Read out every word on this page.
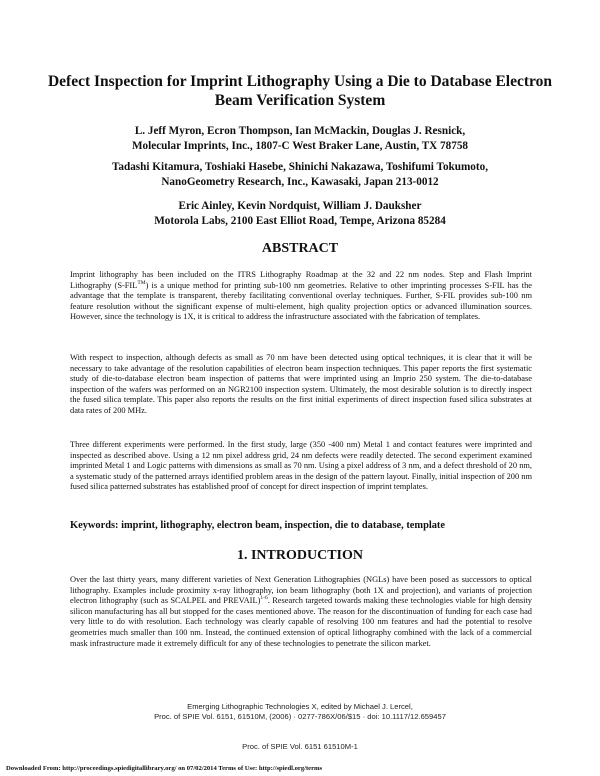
Defect Inspection for Imprint Lithography Using a Die to Database Electron Beam Verification System
L. Jeff Myron, Ecron Thompson, Ian McMackin, Douglas J. Resnick,
Molecular Imprints, Inc., 1807-C West Braker Lane, Austin, TX 78758
Tadashi Kitamura, Toshiaki Hasebe, Shinichi Nakazawa, Toshifumi Tokumoto,
NanoGeometry Research, Inc., Kawasaki, Japan 213-0012
Eric Ainley, Kevin Nordquist, William J. Dauksher
Motorola Labs, 2100 East Elliot Road, Tempe, Arizona 85284
ABSTRACT
Imprint lithography has been included on the ITRS Lithography Roadmap at the 32 and 22 nm nodes. Step and Flash Imprint Lithography (S-FIL™) is a unique method for printing sub-100 nm geometries. Relative to other imprinting processes S-FIL has the advantage that the template is transparent, thereby facilitating conventional overlay techniques. Further, S-FIL provides sub-100 nm feature resolution without the significant expense of multi-element, high quality projection optics or advanced illumination sources. However, since the technology is 1X, it is critical to address the infrastructure associated with the fabrication of templates.
With respect to inspection, although defects as small as 70 nm have been detected using optical techniques, it is clear that it will be necessary to take advantage of the resolution capabilities of electron beam inspection techniques. This paper reports the first systematic study of die-to-database electron beam inspection of patterns that were imprinted using an Imprio 250 system. The die-to-database inspection of the wafers was performed on an NGR2100 inspection system. Ultimately, the most desirable solution is to directly inspect the fused silica template. This paper also reports the results on the first initial experiments of direct inspection fused silica substrates at data rates of 200 MHz.
Three different experiments were performed. In the first study, large (350 -400 nm) Metal 1 and contact features were imprinted and inspected as described above. Using a 12 nm pixel address grid, 24 nm defects were readily detected. The second experiment examined imprinted Metal 1 and Logic patterns with dimensions as small as 70 nm. Using a pixel address of 3 nm, and a defect threshold of 20 nm, a systematic study of the patterned arrays identified problem areas in the design of the pattern layout. Finally, initial inspection of 200 nm fused silica patterned substrates has established proof of concept for direct inspection of imprint templates.
Keywords: imprint, lithography, electron beam, inspection, die to database, template
1. INTRODUCTION
Over the last thirty years, many different varieties of Next Generation Lithographies (NGLs) have been posed as successors to optical lithography. Examples include proximity x-ray lithography, ion beam lithography (both 1X and projection), and variants of projection electron lithography (such as SCALPEL and PREVAIL)$^{1-6}$. Research targeted towards making these technologies viable for high density silicon manufacturing has all but stopped for the cases mentioned above. The reason for the discontinuation of funding for each case had very little to do with resolution. Each technology was clearly capable of resolving 100 nm features and had the potential to resolve geometries much smaller than 100 nm. Instead, the continued extension of optical lithography combined with the lack of a commercial mask infrastructure made it extremely difficult for any of these technologies to penetrate the silicon market.
Emerging Lithographic Technologies X, edited by Michael J. Lercel,
Proc. of SPIE Vol. 6151, 61510M, (2006) · 0277-786X/06/$15 · doi: 10.1117/12.659457
Proc. of SPIE Vol. 6151 61510M-1
Downloaded From: http://proceedings.spiedigitallibrary.org/ on 07/02/2014 Terms of Use: http://spiedl.org/terms
